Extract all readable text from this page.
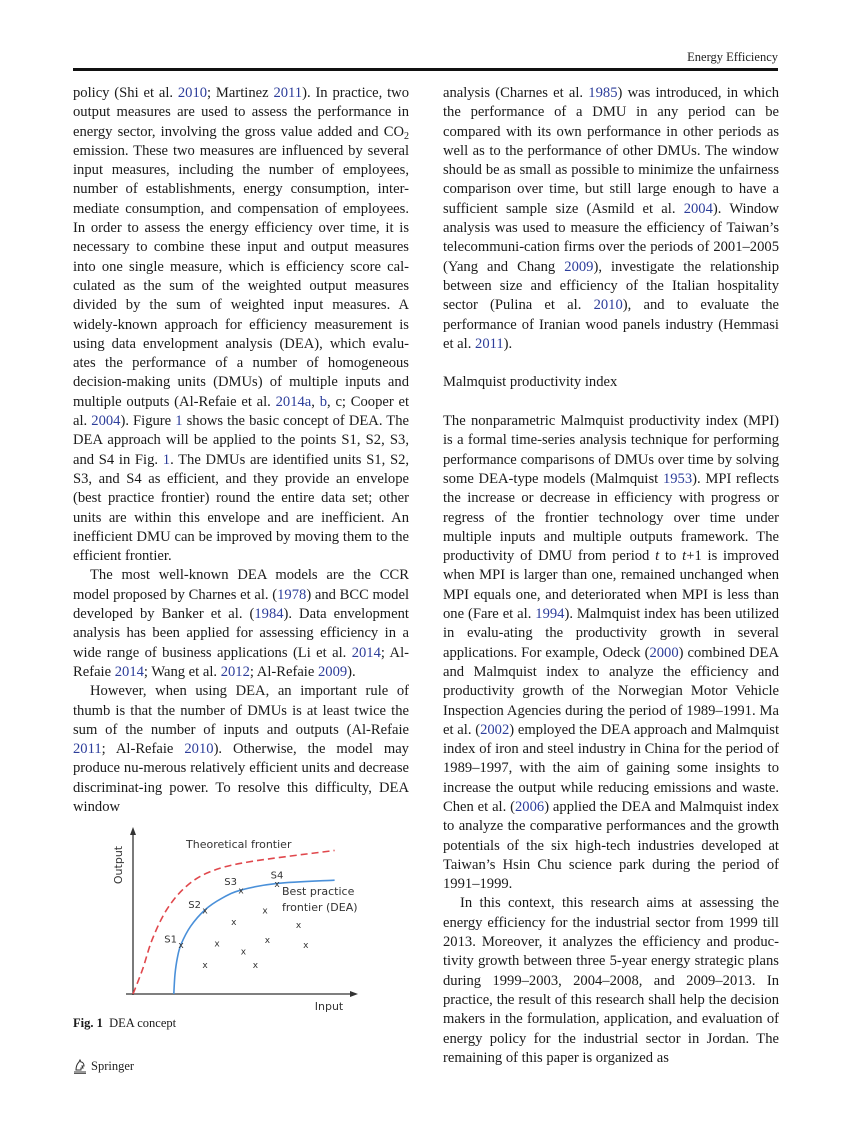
Energy Efficiency

policy (Shi et al. 2010; Martinez 2011). In practice, two output measures are used to assess the performance in energy sector, involving the gross value added and $CO_2$ emission. These two measures are influenced by several input measures, including the number of employees, number of establishments, energy consumption, inter-mediate consumption, and compensation of employees. In order to assess the energy efficiency over time, it is necessary to combine these input and output measures into one single measure, which is efficiency score cal-culated as the sum of the weighted output measures divided by the sum of weighted input measures. A widely-known approach for efficiency measurement is using data envelopment analysis (DEA), which evalu-ates the performance of a number of homogeneous decision-making units (DMUs) of multiple inputs and multiple outputs (Al-Refaie et al. 2014a, b, c; Cooper et al. 2004). Figure 1 shows the basic concept of DEA. The DEA approach will be applied to the points S1, S2, S3, and S4 in Fig. 1. The DMUs are identified units S1, S2, S3, and S4 as efficient, and they provide an envelope (best practice frontier) round the entire data set; other units are within this envelope and are inefficient. An inefficient DMU can be improved by moving them to the efficient frontier.

The most well-known DEA models are the CCR model proposed by Charnes et al. (1978) and BCC model developed by Banker et al. (1984). Data envelopment analysis has been applied for assessing efficiency in a wide range of business applications (Li et al. 2014; Al-Refaie 2014; Wang et al. 2012; Al-Refaie 2009).

However, when using DEA, an important rule of thumb is that the number of DMUs is at least twice the sum of the number of inputs and outputs (Al-Refaie 2011; Al-Refaie 2010). Otherwise, the model may produce nu-merous relatively efficient units and decrease discriminat-ing power. To resolve this difficulty, DEA window

Output
Input
Theoretical frontier
Best practice
frontier (DEA)
x
S1
x
S2
x
S3	x
S4
x
x
x
x	x	x
x
x	x
Fig. 1 DEA concept

analysis (Charnes et al. 1985) was introduced, in which the performance of a DMU in any period can be compared with its own performance in other periods as well as to the performance of other DMUs. The window should be as small as possible to minimize the unfairness comparison over time, but still large enough to have a sufficient sample size (Asmild et al. 2004). Window analysis was used to measure the efficiency of Taiwan’s telecommuni-cation firms over the periods of 2001–2005 (Yang and Chang 2009), investigate the relationship between size and efficiency of the Italian hospitality sector (Pulina et al. 2010), and to evaluate the performance of Iranian wood panels industry (Hemmasi et al. 2011).

Malmquist productivity index

The nonparametric Malmquist productivity index (MPI) is a formal time-series analysis technique for performing performance comparisons of DMUs over time by solving some DEA-type models (Malmquist 1953). MPI reflects the increase or decrease in efficiency with progress or regress of the frontier technology over time under multiple inputs and multiple outputs framework. The productivity of DMU from period t to t+1 is improved when MPI is larger than one, remained unchanged when MPI equals one, and deteriorated when MPI is less than one (Fare et al. 1994). Malmquist index has been utilized in evalu-ating the productivity growth in several applications. For example, Odeck (2000) combined DEA and Malmquist index to analyze the efficiency and productivity growth of the Norwegian Motor Vehicle Inspection Agencies during the period of 1989–1991. Ma et al. (2002) employed the DEA approach and Malmquist index of iron and steel industry in China for the period of 1989–1997, with the aim of gaining some insights to increase the output while reducing emissions and waste. Chen et al. (2006) applied the DEA and Malmquist index to analyze the comparative performances and the growth potentials of the six high-tech industries developed at Taiwan’s Hsin Chu science park during the period of 1991–1999.

In this context, this research aims at assessing the energy efficiency for the industrial sector from 1999 till 2013. Moreover, it analyzes the efficiency and produc-tivity growth between three 5-year energy strategic plans during 1999–2003, 2004–2008, and 2009–2013. In practice, the result of this research shall help the decision makers in the formulation, application, and evaluation of energy policy for the industrial sector in Jordan. The remaining of this paper is organized as

Springer
